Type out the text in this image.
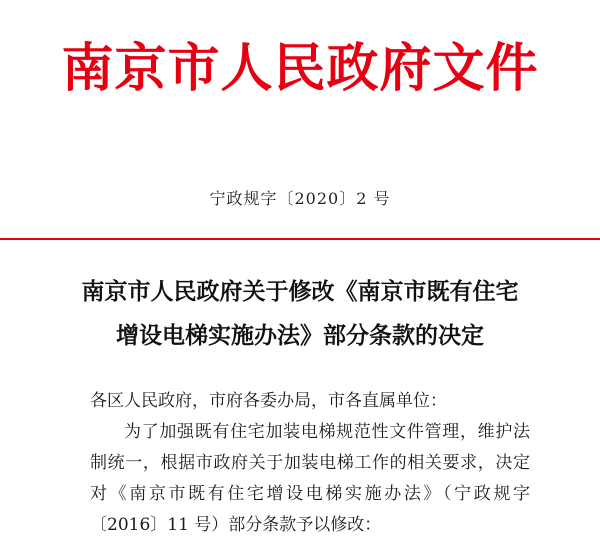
南京市人民政府文件
宁政规字〔2020〕2 号
南京市人民政府关于修改《南京市既有住宅
增设电梯实施办法》部分条款的决定
各区人民政府，市府各委办局，市各直属单位：
为了加强既有住宅加装电梯规范性文件管理，维护法制统一，根据市政府关于加装电梯工作的相关要求，决定对《南京市既有住宅增设电梯实施办法》（宁政规字〔2016〕11 号）部分条款予以修改：
